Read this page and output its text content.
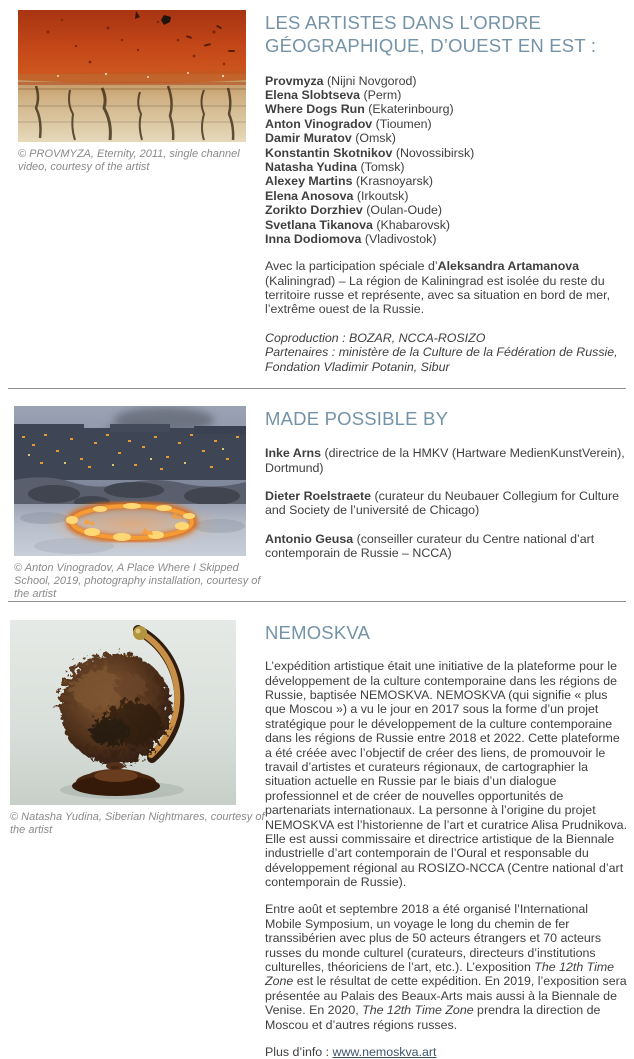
© PROVMYZA, Eternity, 2011, single channel video, courtesy of the artist
LES ARTISTES DANS L’ORDRE GÉOGRAPHIQUE, D’OUEST EN EST :
Provmyza (Nijni Novgorod)
Elena Slobtseva (Perm)
Where Dogs Run (Ekaterinbourg)
Anton Vinogradov (Tioumen)
Damir Muratov (Omsk)
Konstantin Skotnikov (Novossibirsk)
Natasha Yudina (Tomsk)
Alexey Martins (Krasnoyarsk)
Elena Anosova (Irkoutsk)
Zorikto Dorzhiev (Oulan-Oude)
Svetlana Tikanova (Khabarovsk)
Inna Dodiomova (Vladivostok)

Avec la participation spéciale d’Aleksandra Artamanova (Kaliningrad) – La région de Kaliningrad est isolée du reste du territoire russe et représente, avec sa situation en bord de mer, l’extrême ouest de la Russie.

Coproduction : BOZAR, NCCA-ROSIZO
Partenaires : ministère de la Culture de la Fédération de Russie, Fondation Vladimir Potanin, Sibur
© Anton Vinogradov, A Place Where I Skipped School, 2019, photography installation, courtesy of the artist
MADE POSSIBLE BY
Inke Arns (directrice de la HMKV (Hartware MedienKunstVerein), Dortmund)
Dieter Roelstraete (curateur du Neubauer Collegium for Culture and Society de l’université de Chicago)
Antonio Geusa (conseiller curateur du Centre national d’art contemporain de Russie – NCCA)
© Natasha Yudina, Siberian Nightmares, courtesy of the artist
NEMOSKVA

L’expédition artistique était une initiative de la plateforme pour le développement de la culture contemporaine dans les régions de Russie, baptisée NEMOSKVA. NEMOSKVA (qui signifie « plus que Moscou ») a vu le jour en 2017 sous la forme d’un projet stratégique pour le développement de la culture contemporaine dans les régions de Russie entre 2018 et 2022. Cette plateforme a été créée avec l’objectif de créer des liens, de promouvoir le travail d’artistes et curateurs régionaux, de cartographier la situation actuelle en Russie par le biais d’un dialogue professionnel et de créer de nouvelles opportunités de partenariats internationaux. La personne à l’origine du projet NEMOSKVA est l’historienne de l’art et curatrice Alisa Prudnikova. Elle est aussi commissaire et directrice artistique de la Biennale industrielle d’art contemporain de l’Oural et responsable du développement régional au ROSIZO-NCCA (Centre national d’art contemporain de Russie).

Entre août et septembre 2018 a été organisé l’International Mobile Symposium, un voyage le long du chemin de fer transsibérien avec plus de 50 acteurs étrangers et 70 acteurs russes du monde culturel (curateurs, directeurs d’institutions culturelles, théoriciens de l’art, etc.). L’exposition The 12th Time Zone est le résultat de cette expédition. En 2019, l’exposition sera présentée au Palais des Beaux-Arts mais aussi à la Biennale de Venise. En 2020, The 12th Time Zone prendra la direction de Moscou et d’autres régions russes.

Plus d’info : www.nemoskva.art
